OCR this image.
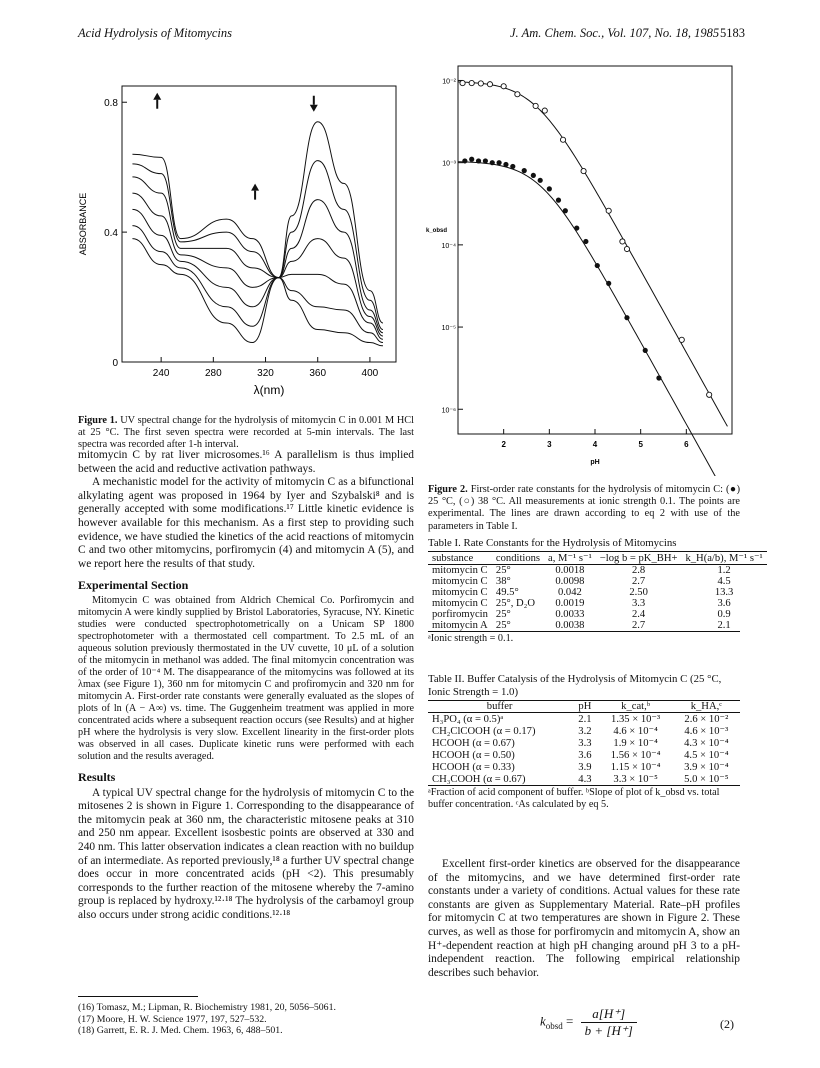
Acid Hydrolysis of Mitomycins	J. Am. Chem. Soc., Vol. 107, No. 18, 1985 5183
240	280	320	360	400
0.8
0.4
0
ABSORBANCE
λ(nm)
Figure 1. UV spectral change for the hydrolysis of mitomycin C in 0.001 M HCl at 25 °C. The first seven spectra were recorded at 5-min intervals. The last spectra was recorded after 1-h interval.	2	3	4	5	6
pH
10⁻²
10⁻³
10⁻⁴
10⁻⁵
10⁻⁶
k_obsd
Figure 2. First-order rate constants for the hydrolysis of mitomycin C: (●) 25 °C, (○) 38 °C. All measurements at ionic strength 0.1. The points are experimental. The lines are drawn according to eq 2 with use of the parameters in Table I.

mitomycin C by rat liver microsomes.¹⁶ A parallelism is thus implied between the acid and reductive activation pathways.

A mechanistic model for the activity of mitomycin C as a bifunctional alkylating agent was proposed in 1964 by Iyer and Szybalski⁸ and is generally accepted with some modifications.¹⁷ Little kinetic evidence is however available for this mechanism. As a first step to providing such evidence, we have studied the kinetics of the acid reactions of mitomycin C and two other mitomycins, porfiromycin (4) and mitomycin A (5), and we report here the results of that study.

Experimental Section

Mitomycin C was obtained from Aldrich Chemical Co. Porfiromycin and mitomycin A were kindly supplied by Bristol Laboratories, Syracuse, NY. Kinetic studies were conducted spectrophotometrically on a Unicam SP 1800 spectrophotometer with a thermostated cell compartment. To 2.5 mL of an aqueous solution previously thermostated in the UV cuvette, 10 μL of a solution of the mitomycin in methanol was added. The final mitomycin concentration was of the order of 10⁻⁴ M. The disappearance of the mitomycins was followed at its λmax (see Figure 1), 360 nm for mitomycin C and profiromycin and 320 nm for mitomycin A. First-order rate constants were generally evaluated as the slopes of plots of ln (A − A∞) vs. time. The Guggenheim treatment was applied in more concentrated acids where a subsequent reaction occurs (see Results) and at higher pH where the hydrolysis is very slow. Excellent linearity in the first-order plots was observed in all cases. Duplicate kinetic runs were performed with each solution and the results averaged.

Results

A typical UV spectral change for the hydrolysis of mitomycin C to the mitosenes 2 is shown in Figure 1. Corresponding to the disappearance of the mitomycin peak at 360 nm, the characteristic mitosene peaks at 310 and 250 nm appear. Excellent isosbestic points are observed at 330 and 240 nm. This latter observation indicates a clean reaction with no buildup of an intermediate. As reported previously,¹⁸ a further UV spectral change does occur in more concentrated acids (pH <2). This presumably corresponds to the further reaction of the mitosene whereby the 7-amino group is replaced by hydroxy.¹²·¹⁸ The hydrolysis of the carbamoyl group also occurs under strong acidic conditions.¹²·¹⁸

(16) Tomasz, M.; Lipman, R. Biochemistry 1981, 20, 5056–5061.
(17) Moore, H. W. Science 1977, 197, 527–532.
(18) Garrett, E. R. J. Med. Chem. 1963, 6, 488–501.
Table I. Rate Constants for the Hydrolysis of Mitomycins
substance	conditions	a, M⁻¹ s⁻¹	−log b = pK_BH+	k_H(a/b), M⁻¹ s⁻¹
mitomycin C	25°	0.0018	2.8	1.2
mitomycin C	38°	0.0098	2.7	4.5
mitomycin C	49.5°	0.042	2.50	13.3
mitomycin C	25°, D₂O	0.0019	3.3	3.6
porfiromycin	25°	0.0033	2.4	0.9
mitomycin A	25°	0.0038	2.7	2.1
ᵃIonic strength = 0.1.
Table II. Buffer Catalysis of the Hydrolysis of Mitomycin C (25 °C, Ionic Strength = 1.0)
buffer	pH	k_cat,ᵇ	k_HA,ᶜ
H₃PO₄ (α = 0.5)ᵃ	2.1	1.35 × 10⁻³	2.6 × 10⁻²
CH₂ClCOOH (α = 0.17)	3.2	4.6 × 10⁻⁴	4.6 × 10⁻³
HCOOH (α = 0.67)	3.3	1.9 × 10⁻⁴	4.3 × 10⁻⁴
HCOOH (α = 0.50)	3.6	1.56 × 10⁻⁴	4.5 × 10⁻⁴
HCOOH (α = 0.33)	3.9	1.15 × 10⁻⁴	3.9 × 10⁻⁴
CH₃COOH (α = 0.67)	4.3	3.3 × 10⁻⁵	5.0 × 10⁻⁵
ᵃFraction of acid component of buffer. ᵇSlope of plot of k_obsd vs. total buffer concentration. ᶜAs calculated by eq 5.

Excellent first-order kinetics are observed for the disappearance of the mitomycins, and we have determined first-order rate constants under a variety of conditions. Actual values for these rate constants are given as Supplementary Material. Rate–pH profiles for mitomycin C at two temperatures are shown in Figure 2. These curves, as well as those for porfiromycin and mitomycin A, show an H⁺-dependent reaction at high pH changing around pH 3 to a pH-independent reaction. The following empirical relationship describes such behavior.

$k_{obsd} = \frac{a[H^+]}{b + [H^+]}$	(2)
